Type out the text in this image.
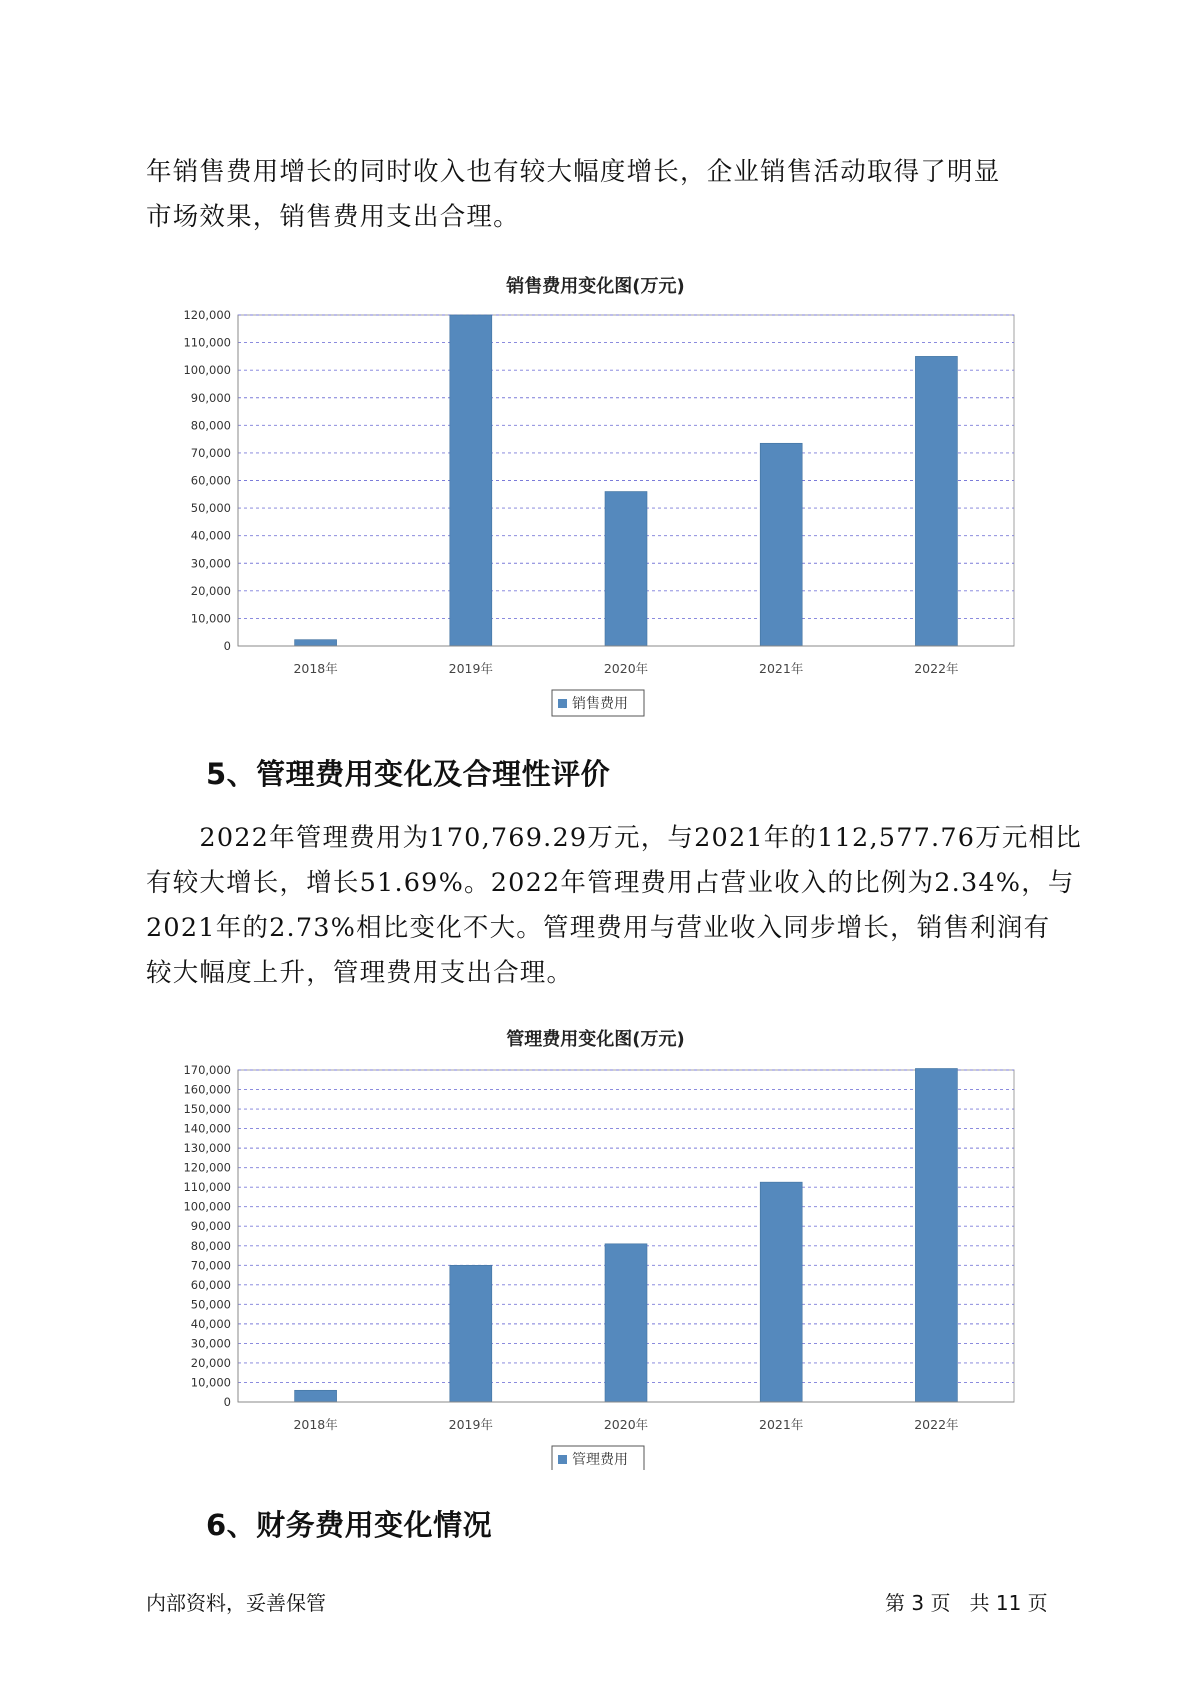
年销售费用增长的同时收入也有较大幅度增长，企业销售活动取得了明显
市场效果，销售费用支出合理。
销售费用变化图(万元)
0
10,000
20,000
30,000
40,000
50,000
60,000
70,000
80,000
90,000
100,000
110,000
120,000
2018年	2019年	2020年	2021年	2022年
销售费用
5、管理费用变化及合理性评价
　　2022年管理费用为170,769.29万元，与2021年的112,577.76万元相比
有较大增长，增长51.69%。2022年管理费用占营业收入的比例为2.34%，与
2021年的2.73%相比变化不大。管理费用与营业收入同步增长，销售利润有
较大幅度上升，管理费用支出合理。
管理费用变化图(万元)
0
10,000
20,000
30,000
40,000
50,000
60,000
70,000
80,000
90,000
100,000
110,000
120,000
130,000
140,000
150,000
160,000
170,000
2018年	2019年	2020年	2021年	2022年
管理费用
6、财务费用变化情况
内部资料，妥善保管	第 3 页   共 11 页
